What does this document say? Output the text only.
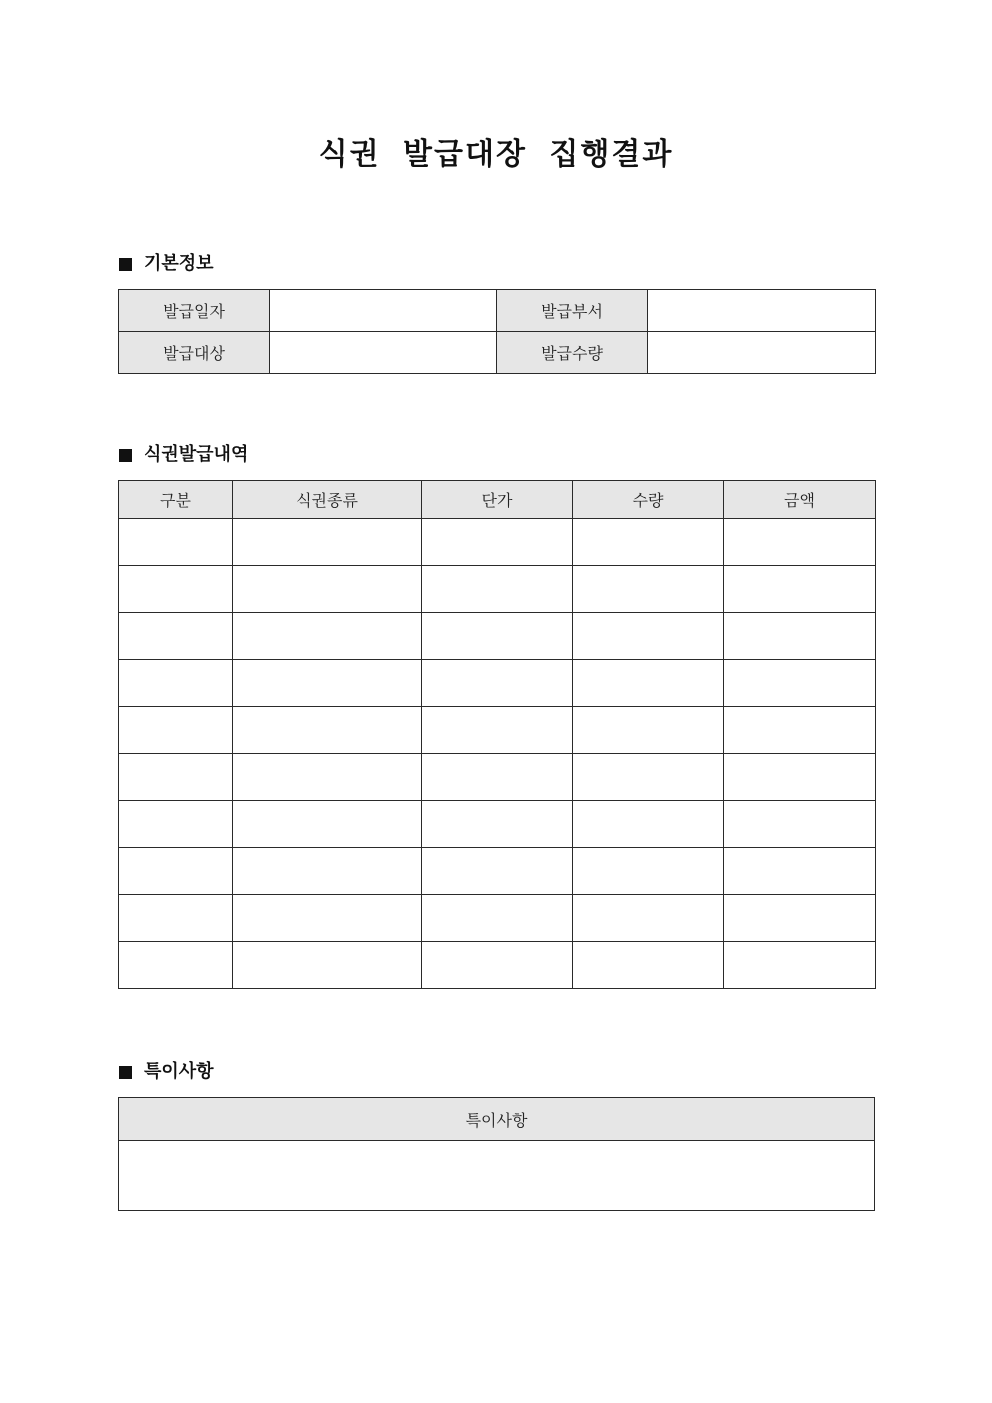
식권 발급대장 집행결과
기본정보
발급일자		발급부서	
발급대상		발급수량	
식권발급내역
구분	식권종류	단가	수량	금액

특이사항
특이사항
